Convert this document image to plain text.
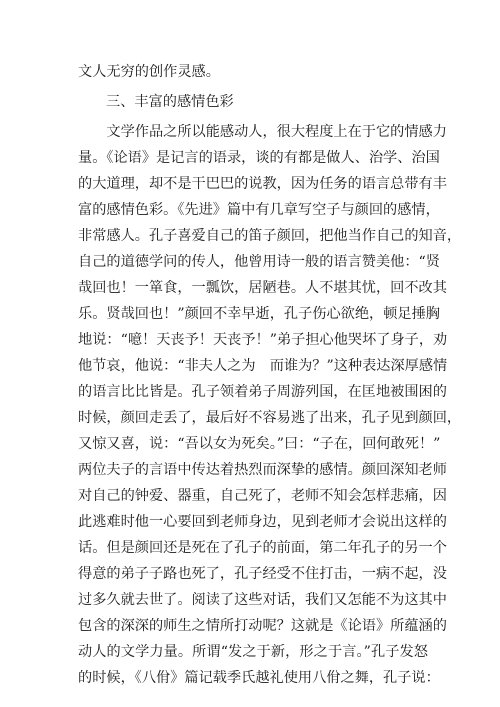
文人无穷的创作灵感。
三、丰富的感情色彩
　　文学作品之所以能感动人，很大程度上在于它的情感力
量。《论语》是记言的语录，谈的有都是做人、治学、治国
的大道理，却不是干巴巴的说教，因为任务的语言总带有丰
富的感情色彩。《先进》篇中有几章写空子与颜回的感情，
非常感人。孔子喜爱自己的笛子颜回，把他当作自己的知音，
自己的道德学问的传人，他曾用诗一般的语言赞美他：“贤
哉回也！一箪食，一瓢饮，居陋巷。人不堪其忧，回不改其
乐。贤哉回也！”颜回不幸早逝，孔子伤心欲绝，顿足捶胸
地说：“噫！天丧予！天丧予！”弟子担心他哭坏了身子，劝
他节哀，他说：“非夫人之为　而谁为？”这种表达深厚感情
的语言比比皆是。孔子领着弟子周游列国，在匡地被围困的
时候，颜回走丢了，最后好不容易逃了出来，孔子见到颜回，
又惊又喜，说：“吾以女为死矣。”曰：“子在，回何敢死！”
两位夫子的言语中传达着热烈而深挚的感情。颜回深知老师
对自己的钟爱、器重，自己死了，老师不知会怎样悲痛，因
此逃难时他一心要回到老师身边，见到老师才会说出这样的
话。但是颜回还是死在了孔子的前面，第二年孔子的另一个
得意的弟子子路也死了，孔子经受不住打击，一病不起，没
过多久就去世了。阅读了这些对话，我们又怎能不为这其中
包含的深深的师生之情所打动呢？这就是《论语》所蕴涵的
动人的文学力量。所谓“发之于新，形之于言。”孔子发怒
的时候，《八佾》篇记载季氏越礼使用八佾之舞，孔子说：
